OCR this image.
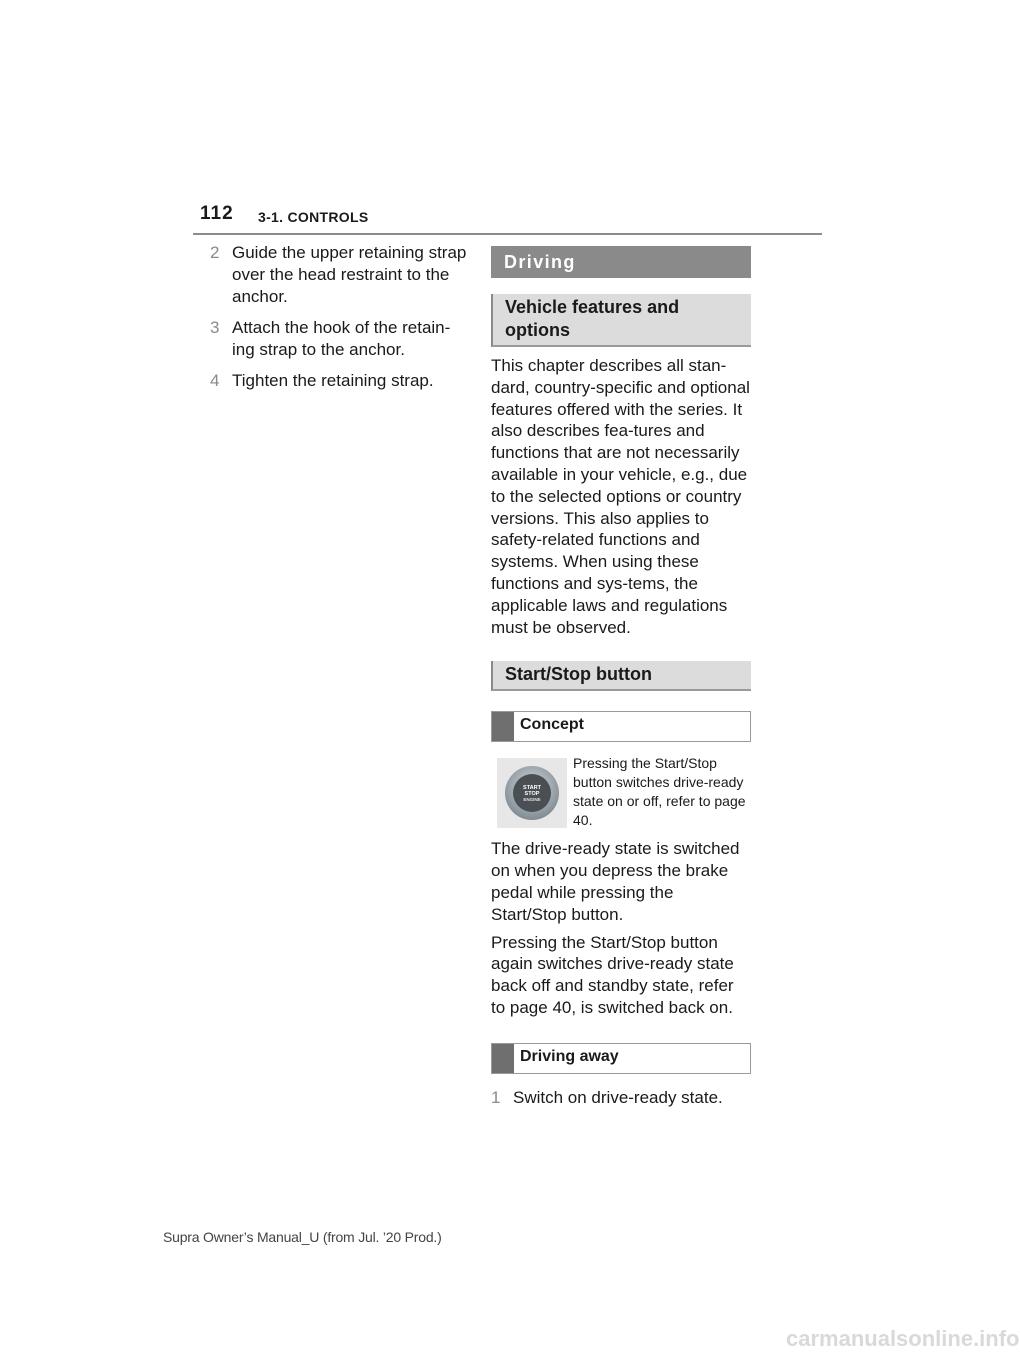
112 3-1. CONTROLS
2 Guide the upper retaining strap over the head restraint to the anchor.
3 Attach the hook of the retain-ing strap to the anchor.
4 Tighten the retaining strap.
Driving
Vehicle features and options

This chapter describes all stan-dard, country-specific and optional features offered with the series. It also describes fea-tures and functions that are not necessarily available in your vehicle, e.g., due to the selected options or country versions. This also applies to safety-related functions and systems. When using these functions and sys-tems, the applicable laws and regulations must be observed.

Start/Stop button
Concept
START
STOP
ENGINE
Pressing the Start/Stop button switches drive-ready state on or off, refer to page 40.

The drive-ready state is switched on when you depress the brake pedal while pressing the Start/Stop button.

Pressing the Start/Stop button again switches drive-ready state back off and standby state, refer to page 40, is switched back on.

Driving away
1 Switch on drive-ready state.
Supra Owner’s Manual_U (from Jul. ’20 Prod.)
carmanualsonline.info
